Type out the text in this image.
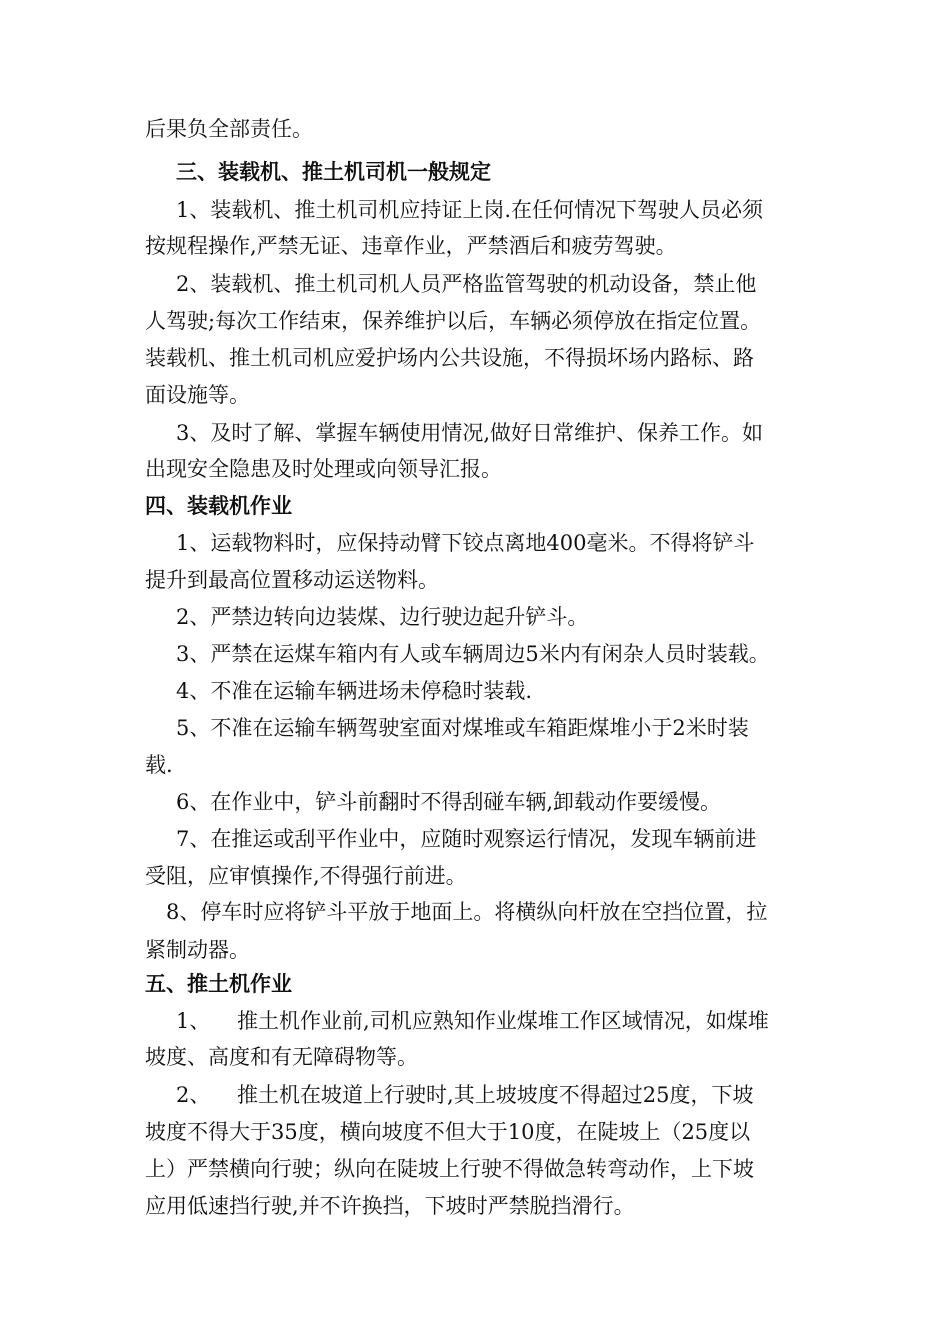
后果负全部责任。
三、装载机、推土机司机一般规定
1、装载机、推土机司机应持证上岗.在任何情况下驾驶人员必须
按规程操作,严禁无证、违章作业，严禁酒后和疲劳驾驶。
2、装载机、推土机司机人员严格监管驾驶的机动设备，禁止他
人驾驶;每次工作结束，保养维护以后，车辆必须停放在指定位置。
装载机、推土机司机应爱护场内公共设施，不得损坏场内路标、路
面设施等。
3、及时了解、掌握车辆使用情况,做好日常维护、保养工作。如
出现安全隐患及时处理或向领导汇报。
四、装载机作业
1、运载物料时，应保持动臂下铰点离地400毫米。不得将铲斗
提升到最高位置移动运送物料。
2、严禁边转向边装煤、边行驶边起升铲斗。
3、严禁在运煤车箱内有人或车辆周边5米内有闲杂人员时装载。
4、不准在运输车辆进场未停稳时装载.
5、不准在运输车辆驾驶室面对煤堆或车箱距煤堆小于2米时装
载.
6、在作业中，铲斗前翻时不得刮碰车辆,卸载动作要缓慢。
7、在推运或刮平作业中，应随时观察运行情况，发现车辆前进
受阻，应审慎操作,不得强行前进。
8、停车时应将铲斗平放于地面上。将横纵向杆放在空挡位置，拉
紧制动器。
五、推土机作业
1、    推土机作业前,司机应熟知作业煤堆工作区域情况，如煤堆
坡度、高度和有无障碍物等。
2、    推土机在坡道上行驶时,其上坡坡度不得超过25度，下坡
坡度不得大于35度，横向坡度不但大于10度，在陡坡上（25度以
上）严禁横向行驶；纵向在陡坡上行驶不得做急转弯动作，上下坡
应用低速挡行驶,并不许换挡，下坡时严禁脱挡滑行。
